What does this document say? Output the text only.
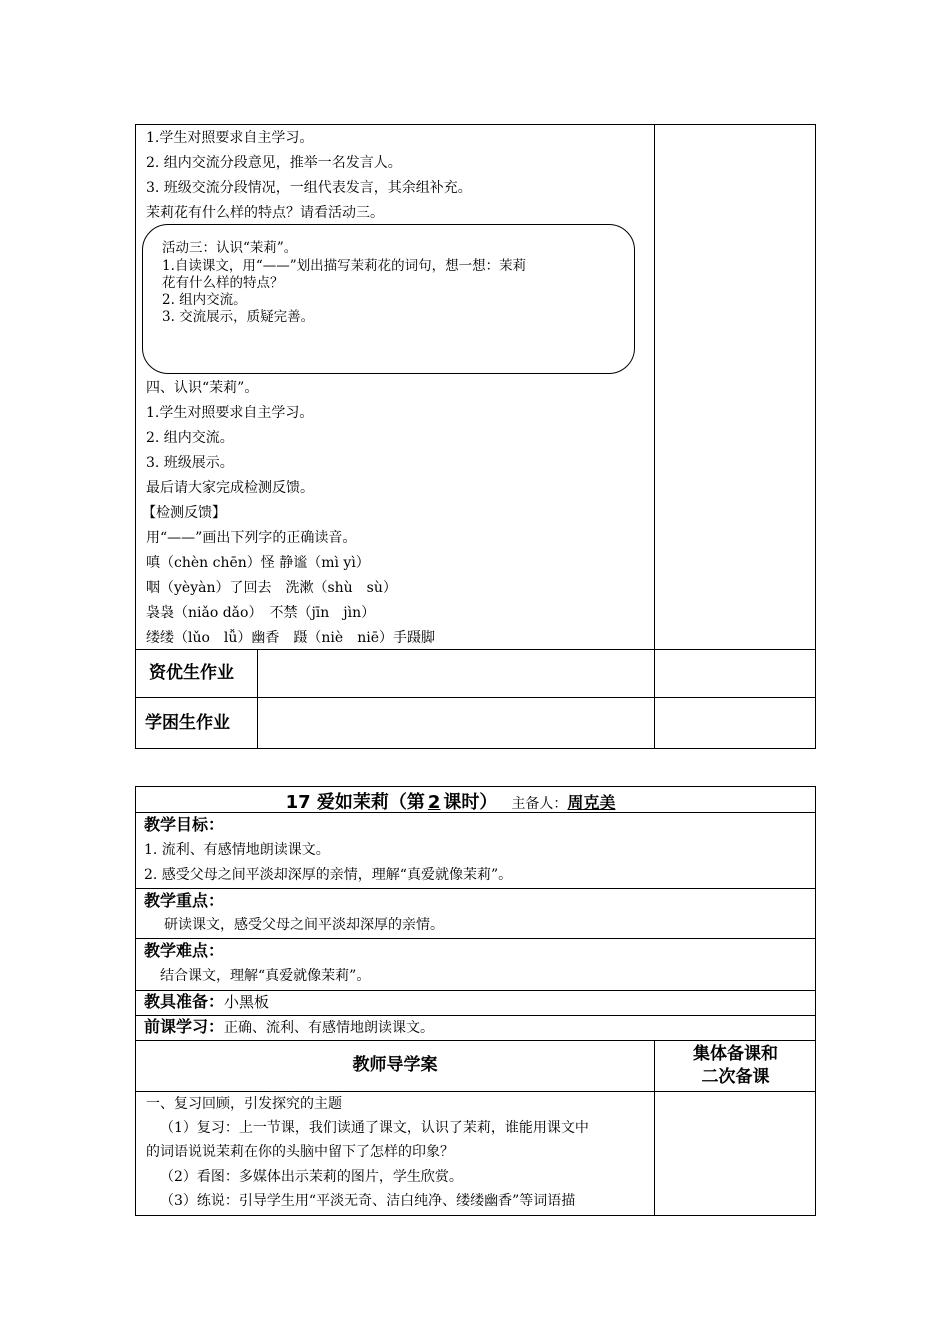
1.学生对照要求自主学习。
2. 组内交流分段意见，推举一名发言人。
3. 班级交流分段情况，一组代表发言，其余组补充。
茉莉花有什么样的特点？请看活动三。
活动三：认识“茉莉”。
1.自读课文，用“——”划出描写茉莉花的词句，想一想：茉莉
花有什么样的特点？
2. 组内交流。
3. 交流展示，质疑完善。
四、认识“茉莉”。
1.学生对照要求自主学习。
2. 组内交流。
3. 班级展示。
最后请大家完成检测反馈。
【检测反馈】
用“——”画出下列字的正确读音。
嗔（chèn chēn）怪 静谧（mì yì）
咽（yèyàn）了回去　洗漱（shù　sù）
袅袅（niǎo dǎo）　不禁（jīn　jìn）
缕缕（lǔo　lǚ）幽香　蹑（niè　niē）手蹑脚
资优生作业
学困生作业
17 爱如茉莉（第 2 课时） 主备人：周克美
教学目标：
1. 流利、有感情地朗读课文。
2. 感受父母之间平淡却深厚的亲情，理解“真爱就像茉莉”。
教学重点：
研读课文，感受父母之间平淡却深厚的亲情。
教学难点：
结合课文，理解“真爱就像茉莉”。
教具准备：小黑板
前课学习：正确、流利、有感情地朗读课文。
教师导学案
集体备课和
二次备课
一、复习回顾，引发探究的主题
（1）复习：上一节课，我们读通了课文，认识了茉莉，谁能用课文中
的词语说说茉莉在你的头脑中留下了怎样的印象？
（2）看图：多媒体出示茉莉的图片，学生欣赏。
（3）练说：引导学生用“平淡无奇、洁白纯净、缕缕幽香”等词语描
